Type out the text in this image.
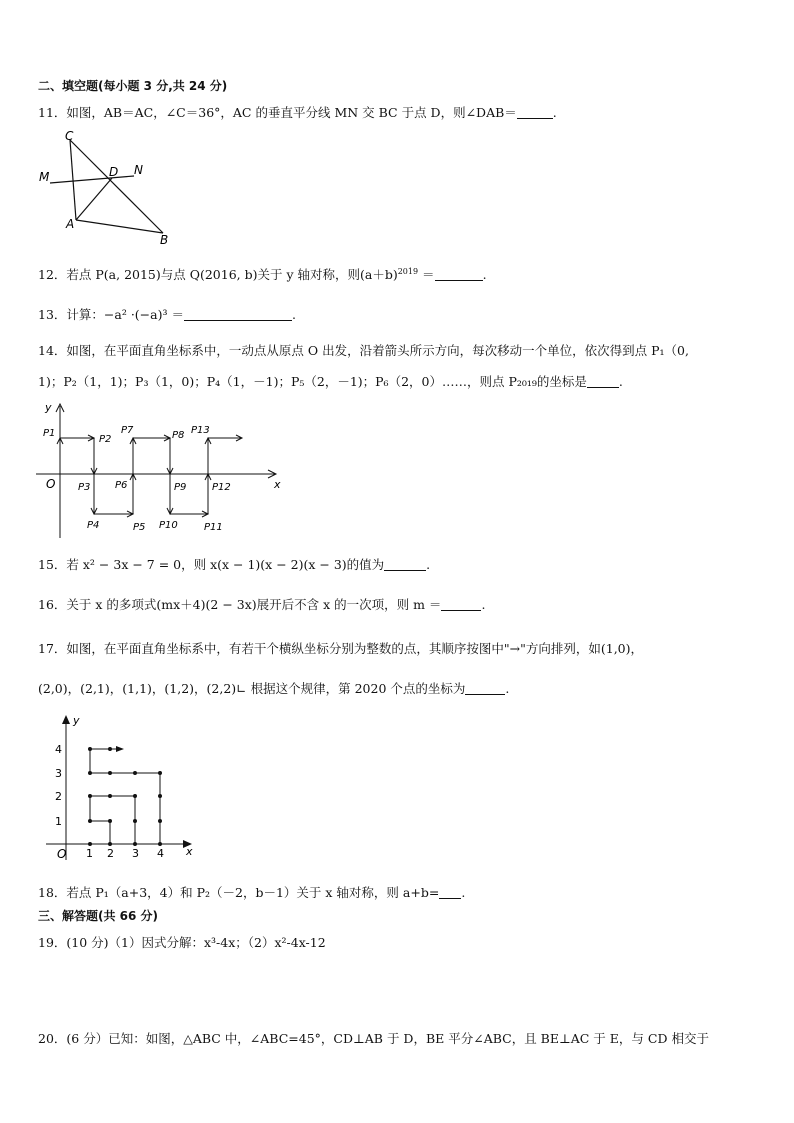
二、填空题(每小题 3 分,共 24 分)
11．如图，AB＝AC，∠C＝36°，AC 的垂直平分线 MN 交 BC 于点 D，则∠DAB＝	.
C
M	D N
A
B
12．若点 P(a, 2015)与点 Q(2016, b)关于 y 轴对称，则$(a+b)^{2019}$ ＝	.
13．计算：−a² ·(−a)³ ＝	.
14．如图，在平面直角坐标系中，一动点从原点 O 出发，沿着箭头所示方向，每次移动一个单位，依次得到点 P₁（0,
1)；P₂（1，1)；P₃（1，0)；P₄（1，－1)；P₅（2，－1)；P₆（2，0）……，则点 P₂₀₁₉的坐标是	.
y
x
O
P1
P2
P3
P4	P5
P6
P7	P8
P9
P10	P11
P12
P13
15．若 x² − 3x − 7 = 0，则 x(x − 1)(x − 2)(x − 3)的值为	.
16．关于 x 的多项式(mx＋4)(2 − 3x)展开后不含 x 的一次项，则 m ＝	.
17．如图，在平面直角坐标系中，有若干个横纵坐标分别为整数的点，其顺序按图中"→"方向排列，如(1,0)，
(2,0)，(2,1)，(1,1)，(1,2)，(2,2)∟ 根据这个规律，第 2020 个点的坐标为	.
y
x
O 1 2 3 4
1
2
3
4
18．若点 P₁（a+3，4）和 P₂（－2，b－1）关于 x 轴对称，则 a+b= .
三、解答题(共 66 分)
19．(10 分)（1）因式分解：x³-4x；（2）x²-4x-12
20．(6 分）已知：如图，△ABC 中，∠ABC=45°，CD⊥AB 于 D，BE 平分∠ABC，且 BE⊥AC 于 E，与 CD 相交于
